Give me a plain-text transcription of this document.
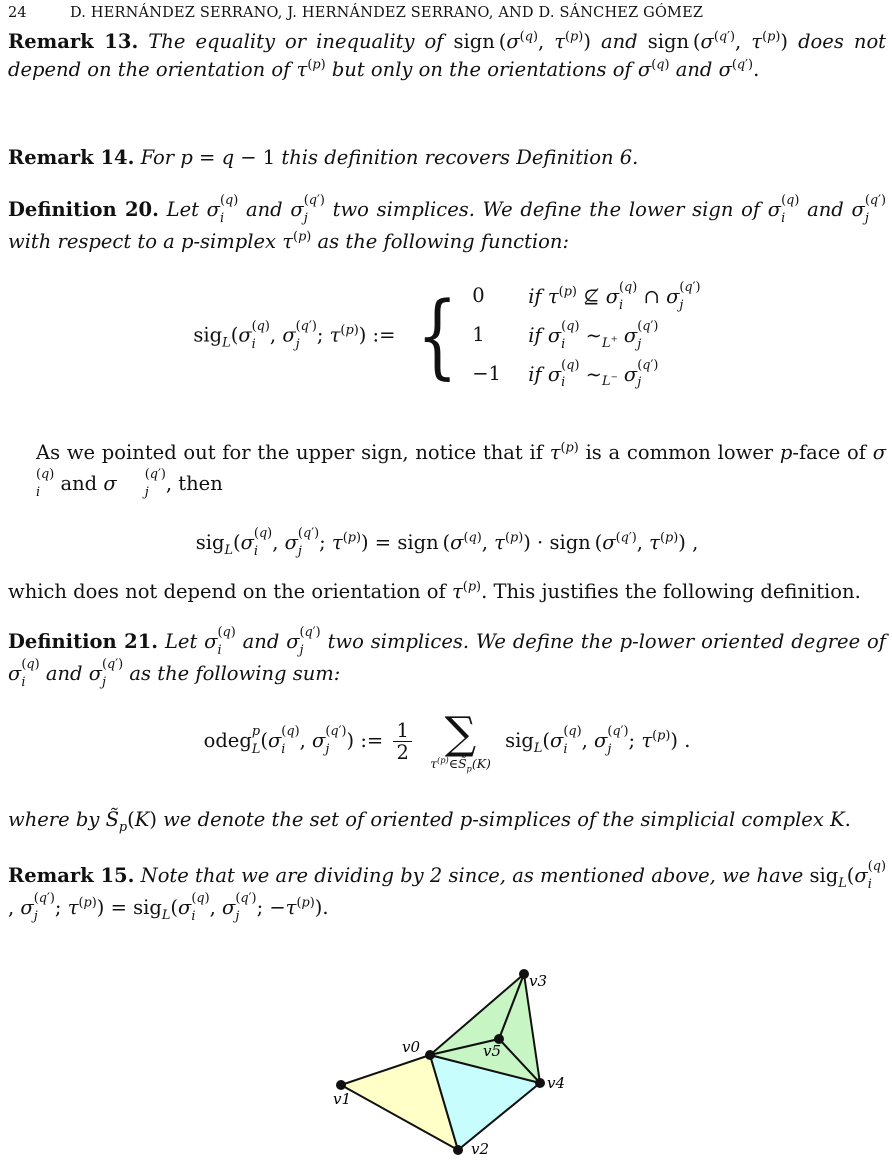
24	D. HERNÁNDEZ SERRANO, J. HERNÁNDEZ SERRANO, AND D. SÁNCHEZ GÓMEZ
Remark 13. The equality or inequality of sign ($\sigma^{(q)}$, $\tau^{(p)}$) and sign ($\sigma^{(q')}$, $\tau^{(p)}$) does not depend on the orientation of $\tau^{(p)}$ but only on the orientations of $\sigma^{(q)}$ and $\sigma^{(q')}$.
Remark 14. For p = q − 1 this definition recovers Definition 6.
Definition 20. Let σ (q)
i	and σ (q′)
j	two simplices. We define the lower sign of σ (q)
i	and σ (q′)
j
with respect to a p-simplex $\tau^{(p)}$ as the following function:
sig$_L$(σ (q)
i , σ (q′)
j ; $\tau^{(p)}$) := { 0	if $\tau^{(p)}$ ⊈ σ (q)
i ∩ σ (q′)
j
1	if σ (q)
i $\sim_{L^+}$ σ (q′)
j
−1	if σ (q)
i $\sim_{L^-}$ σ (q′)
j
As we pointed out for the upper sign, notice that if $\tau^{(p)}$ is a common lower p-face of σ
(q)
i	and σ	(q′)
j , then
sig$_L$(σ (q)
i , σ (q′)
j ; $\tau^{(p)}$) = sign ($\sigma^{(q)}$, $\tau^{(p)}$) · sign ($\sigma^{(q')}$, $\tau^{(p)}$) ,
which does not depend on the orientation of $\tau^{(p)}$. This justifies the following definition.
Definition 21. Let σ (q)
i	and σ (q′)
j	two simplices. We define the p-lower oriented degree of σ (q)
i	and σ (q′)
j	as the following sum:
odeg p
L (σ (q)
i , σ (q′)
j ) := $\frac{1}{2}$
∑
$\tau^{(p)}\in S̃_p(K)$
sig$_L$(σ (q)
i , σ (q′)
j ; $\tau^{(p)}$) .
where by $S̃_p(K)$ we denote the set of oriented p-simplices of the simplicial complex K.
Remark 15. Note that we are dividing by 2 since, as mentioned above, we have sig$_L$(σ (q)
i
, σ (q′)
j ; $\tau^{(p)}) = sig_L(\sigma$ (q)
i , σ (q′)
j ; $-\tau^{(p)}$).
v0
v1
v2
v3
v4
v5
